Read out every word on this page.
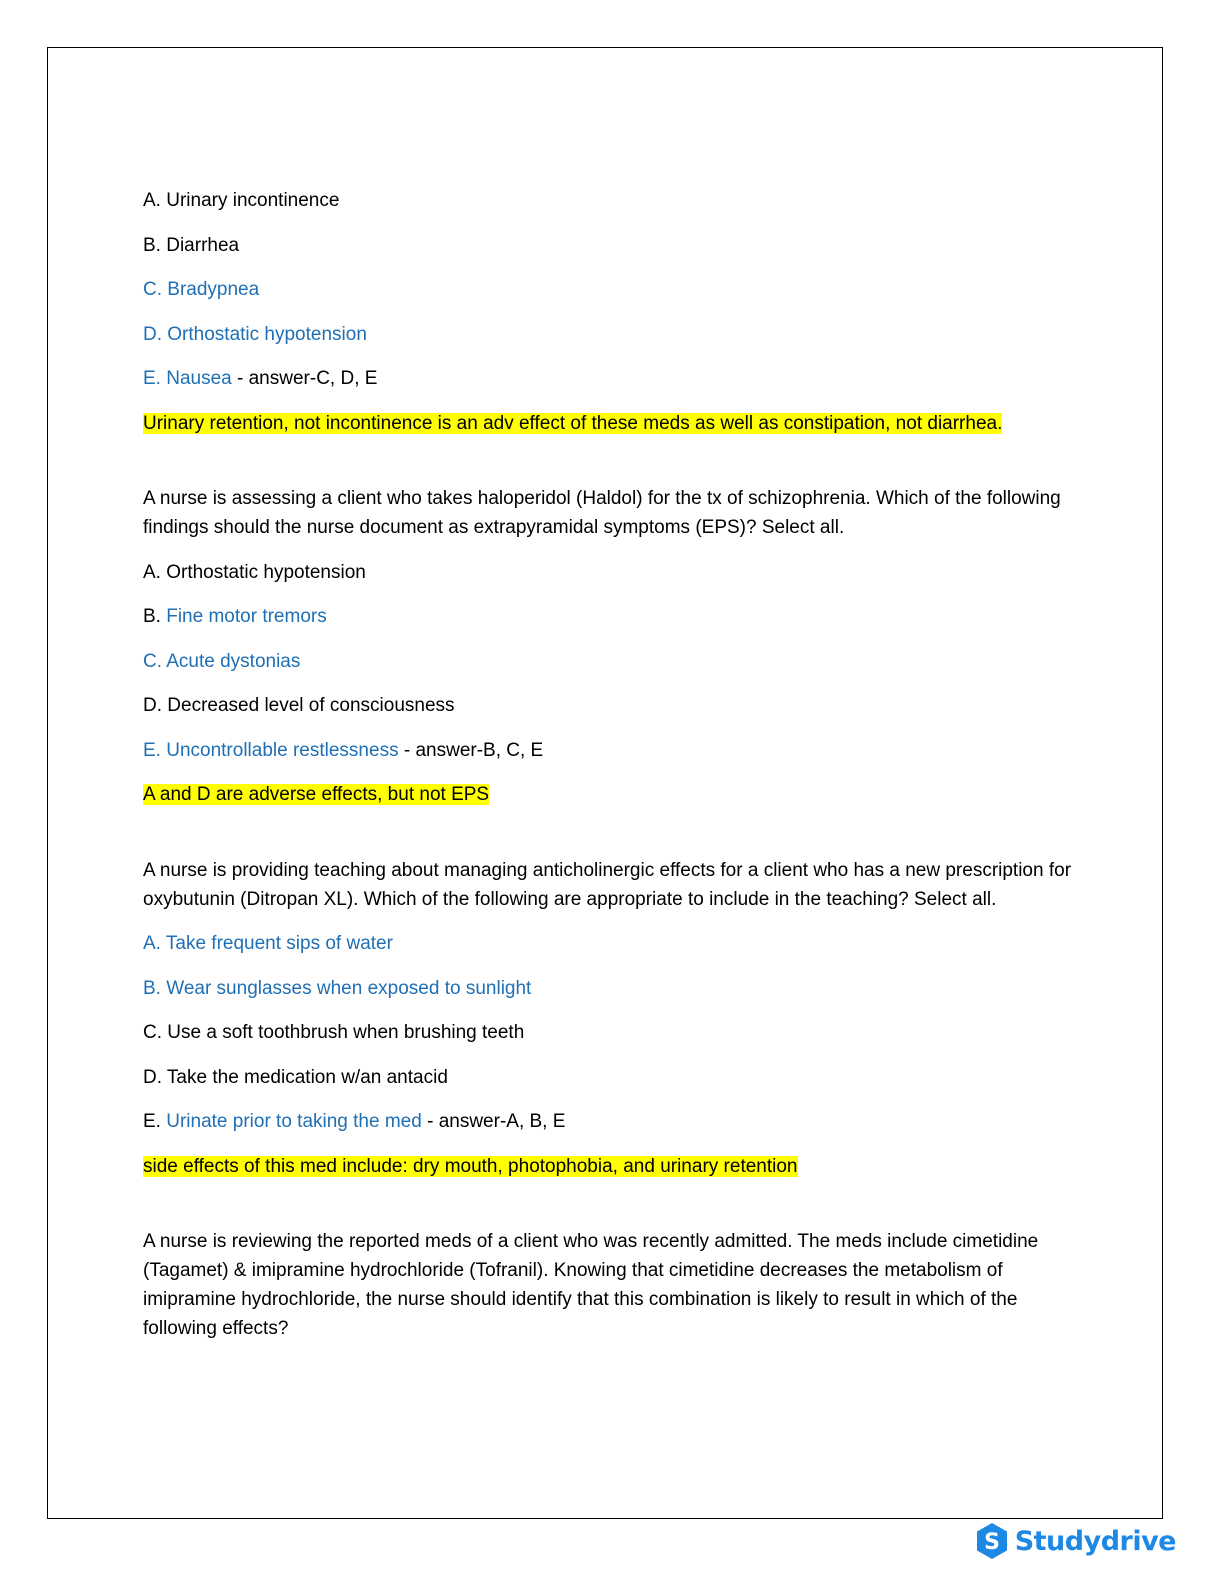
A. Urinary incontinence
B. Diarrhea
C. Bradypnea
D. Orthostatic hypotension
E. Nausea - answer-C, D, E
Urinary retention, not incontinence is an adv effect of these meds as well as constipation, not diarrhea.
A nurse is assessing a client who takes haloperidol (Haldol) for the tx of schizophrenia. Which of the following findings should the nurse document as extrapyramidal symptoms (EPS)? Select all.
A. Orthostatic hypotension
B. Fine motor tremors
C. Acute dystonias
D. Decreased level of consciousness
E. Uncontrollable restlessness - answer-B, C, E
A and D are adverse effects, but not EPS
A nurse is providing teaching about managing anticholinergic effects for a client who has a new prescription for oxybutunin (Ditropan XL). Which of the following are appropriate to include in the teaching? Select all.
A. Take frequent sips of water
B. Wear sunglasses when exposed to sunlight
C. Use a soft toothbrush when brushing teeth
D. Take the medication w/an antacid
E. Urinate prior to taking the med - answer-A, B, E
side effects of this med include: dry mouth, photophobia, and urinary retention
A nurse is reviewing the reported meds of a client who was recently admitted. The meds include cimetidine (Tagamet) & imipramine hydrochloride (Tofranil). Knowing that cimetidine decreases the metabolism of imipramine hydrochloride, the nurse should identify that this combination is likely to result in which of the following effects?
S Studydrive
